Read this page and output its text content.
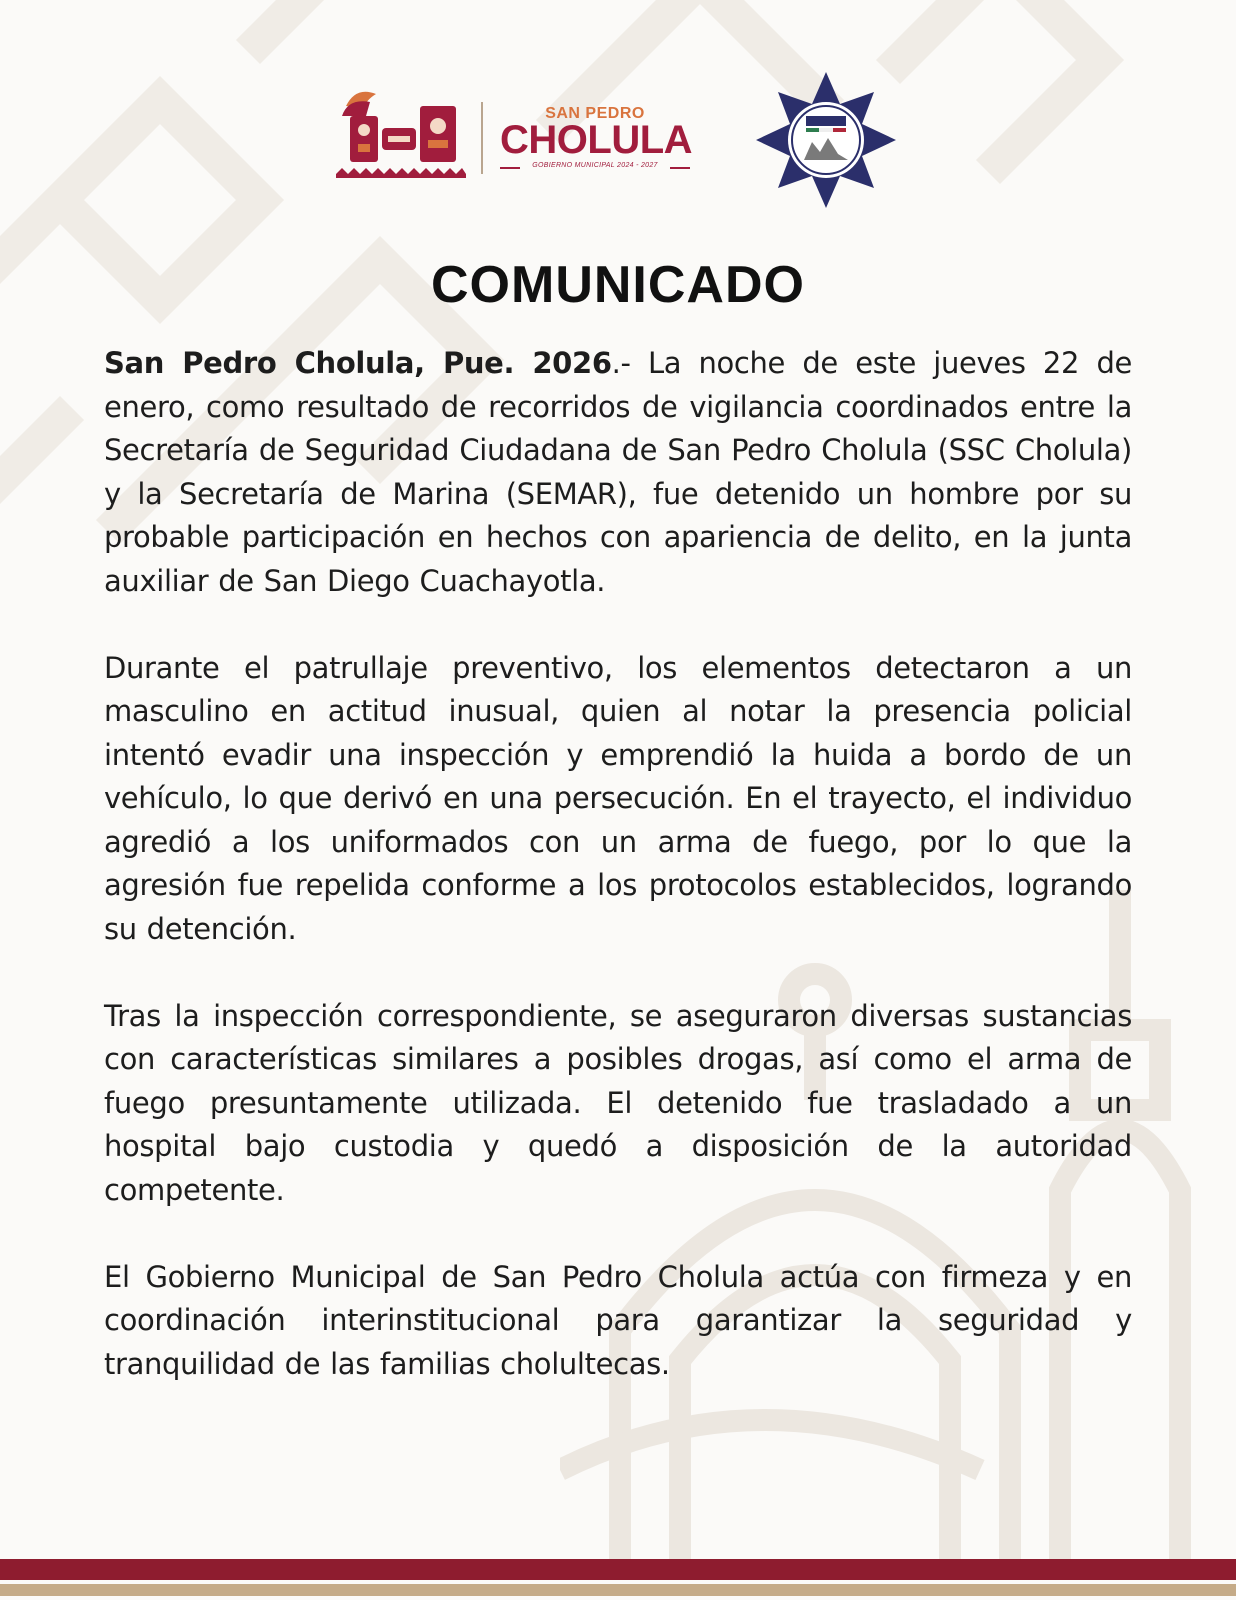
SAN PEDRO
CHOLULA
GOBIERNO MUNICIPAL 2024 - 2027
COMUNICADO

San Pedro Cholula, Pue. 2026.- La noche de este jueves 22 de enero, como resultado de recorridos de vigilancia coordinados entre la Secretaría de Seguridad Ciudadana de San Pedro Cholula (SSC Cholula) y la Secretaría de Marina (SEMAR), fue detenido un hombre por su probable participación en hechos con apariencia de delito, en la junta auxiliar de San Diego Cuachayotla.

Durante el patrullaje preventivo, los elementos detectaron a un masculino en actitud inusual, quien al notar la presencia policial intentó evadir una inspección y emprendió la huida a bordo de un vehículo, lo que derivó en una persecución. En el trayecto, el individuo agredió a los uniformados con un arma de fuego, por lo que la agresión fue repelida conforme a los protocolos establecidos, logrando su detención.

Tras la inspección correspondiente, se aseguraron diversas sustancias con características similares a posibles drogas, así como el arma de fuego presuntamente utilizada. El detenido fue trasladado a un hospital bajo custodia y quedó a disposición de la autoridad competente.

El Gobierno Municipal de San Pedro Cholula actúa con firmeza y en coordinación interinstitucional para garantizar la seguridad y tranquilidad de las familias cholultecas.
